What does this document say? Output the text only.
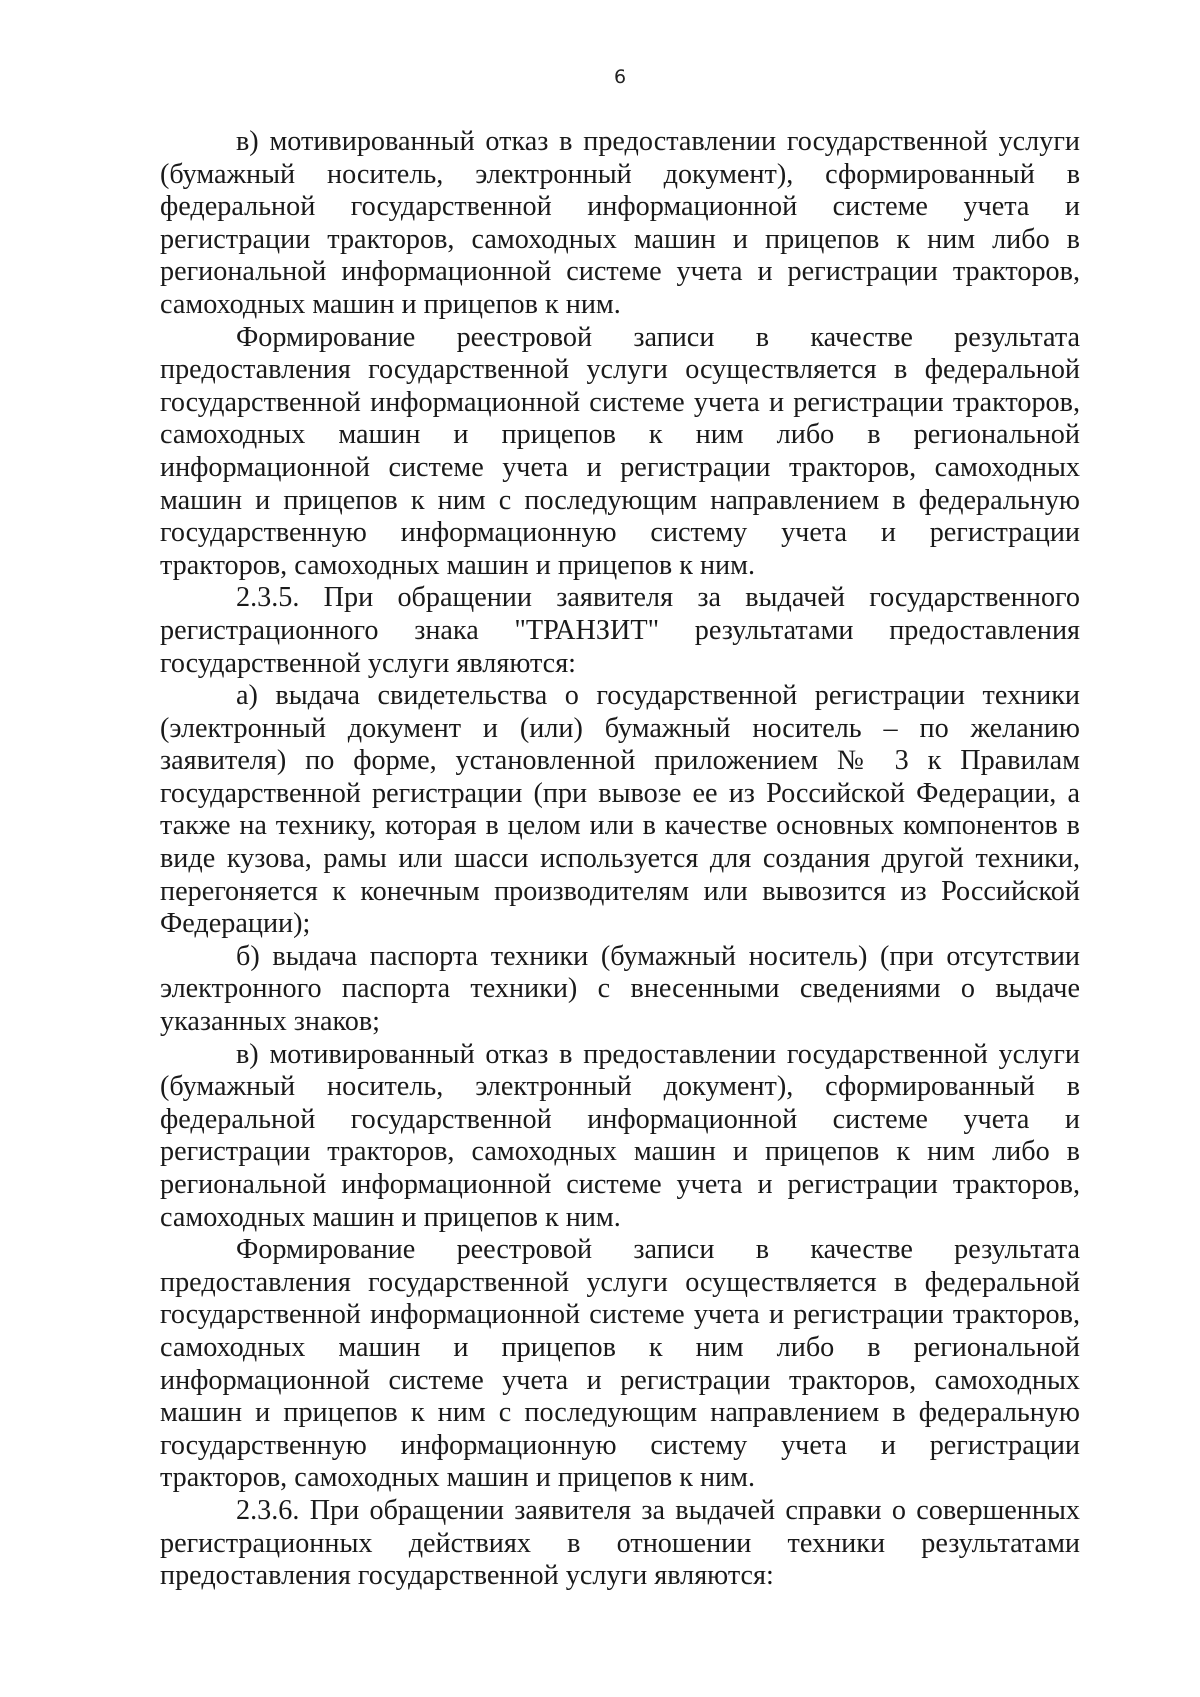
6

в) мотивированный отказ в предоставлении государственной услуги (бумажный носитель, электронный документ), сформированный в федеральной государственной информационной системе учета и регистрации тракторов, самоходных машин и прицепов к ним либо в региональной информационной системе учета и регистрации тракторов, самоходных машин и прицепов к ним.

Формирование реестровой записи в качестве результата предоставления государственной услуги осуществляется в федеральной государственной информационной системе учета и регистрации тракторов, самоходных машин и прицепов к ним либо в региональной информационной системе учета и регистрации тракторов, самоходных машин и прицепов к ним с последующим направлением в федеральную государственную информационную систему учета и регистрации тракторов, самоходных машин и прицепов к ним.

2.3.5. При обращении заявителя за выдачей государственного регистрационного знака "ТРАНЗИТ" результатами предоставления государственной услуги являются:

а) выдача свидетельства о государственной регистрации техники (электронный документ и (или) бумажный носитель – по желанию заявителя) по форме, установленной приложением № 3 к Правилам государственной регистрации (при вывозе ее из Российской Федерации, а также на технику, которая в целом или в качестве основных компонентов в виде кузова, рамы или шасси используется для создания другой техники, перегоняется к конечным производителям или вывозится из Российской Федерации);

б) выдача паспорта техники (бумажный носитель) (при отсутствии электронного паспорта техники) с внесенными сведениями о выдаче указанных знаков;

в) мотивированный отказ в предоставлении государственной услуги (бумажный носитель, электронный документ), сформированный в федеральной государственной информационной системе учета и регистрации тракторов, самоходных машин и прицепов к ним либо в региональной информационной системе учета и регистрации тракторов, самоходных машин и прицепов к ним.

Формирование реестровой записи в качестве результата предоставления государственной услуги осуществляется в федеральной государственной информационной системе учета и регистрации тракторов, самоходных машин и прицепов к ним либо в региональной информационной системе учета и регистрации тракторов, самоходных машин и прицепов к ним с последующим направлением в федеральную государственную информационную систему учета и регистрации тракторов, самоходных машин и прицепов к ним.

2.3.6. При обращении заявителя за выдачей справки о совершенных регистрационных действиях в отношении техники результатами предоставления государственной услуги являются:
